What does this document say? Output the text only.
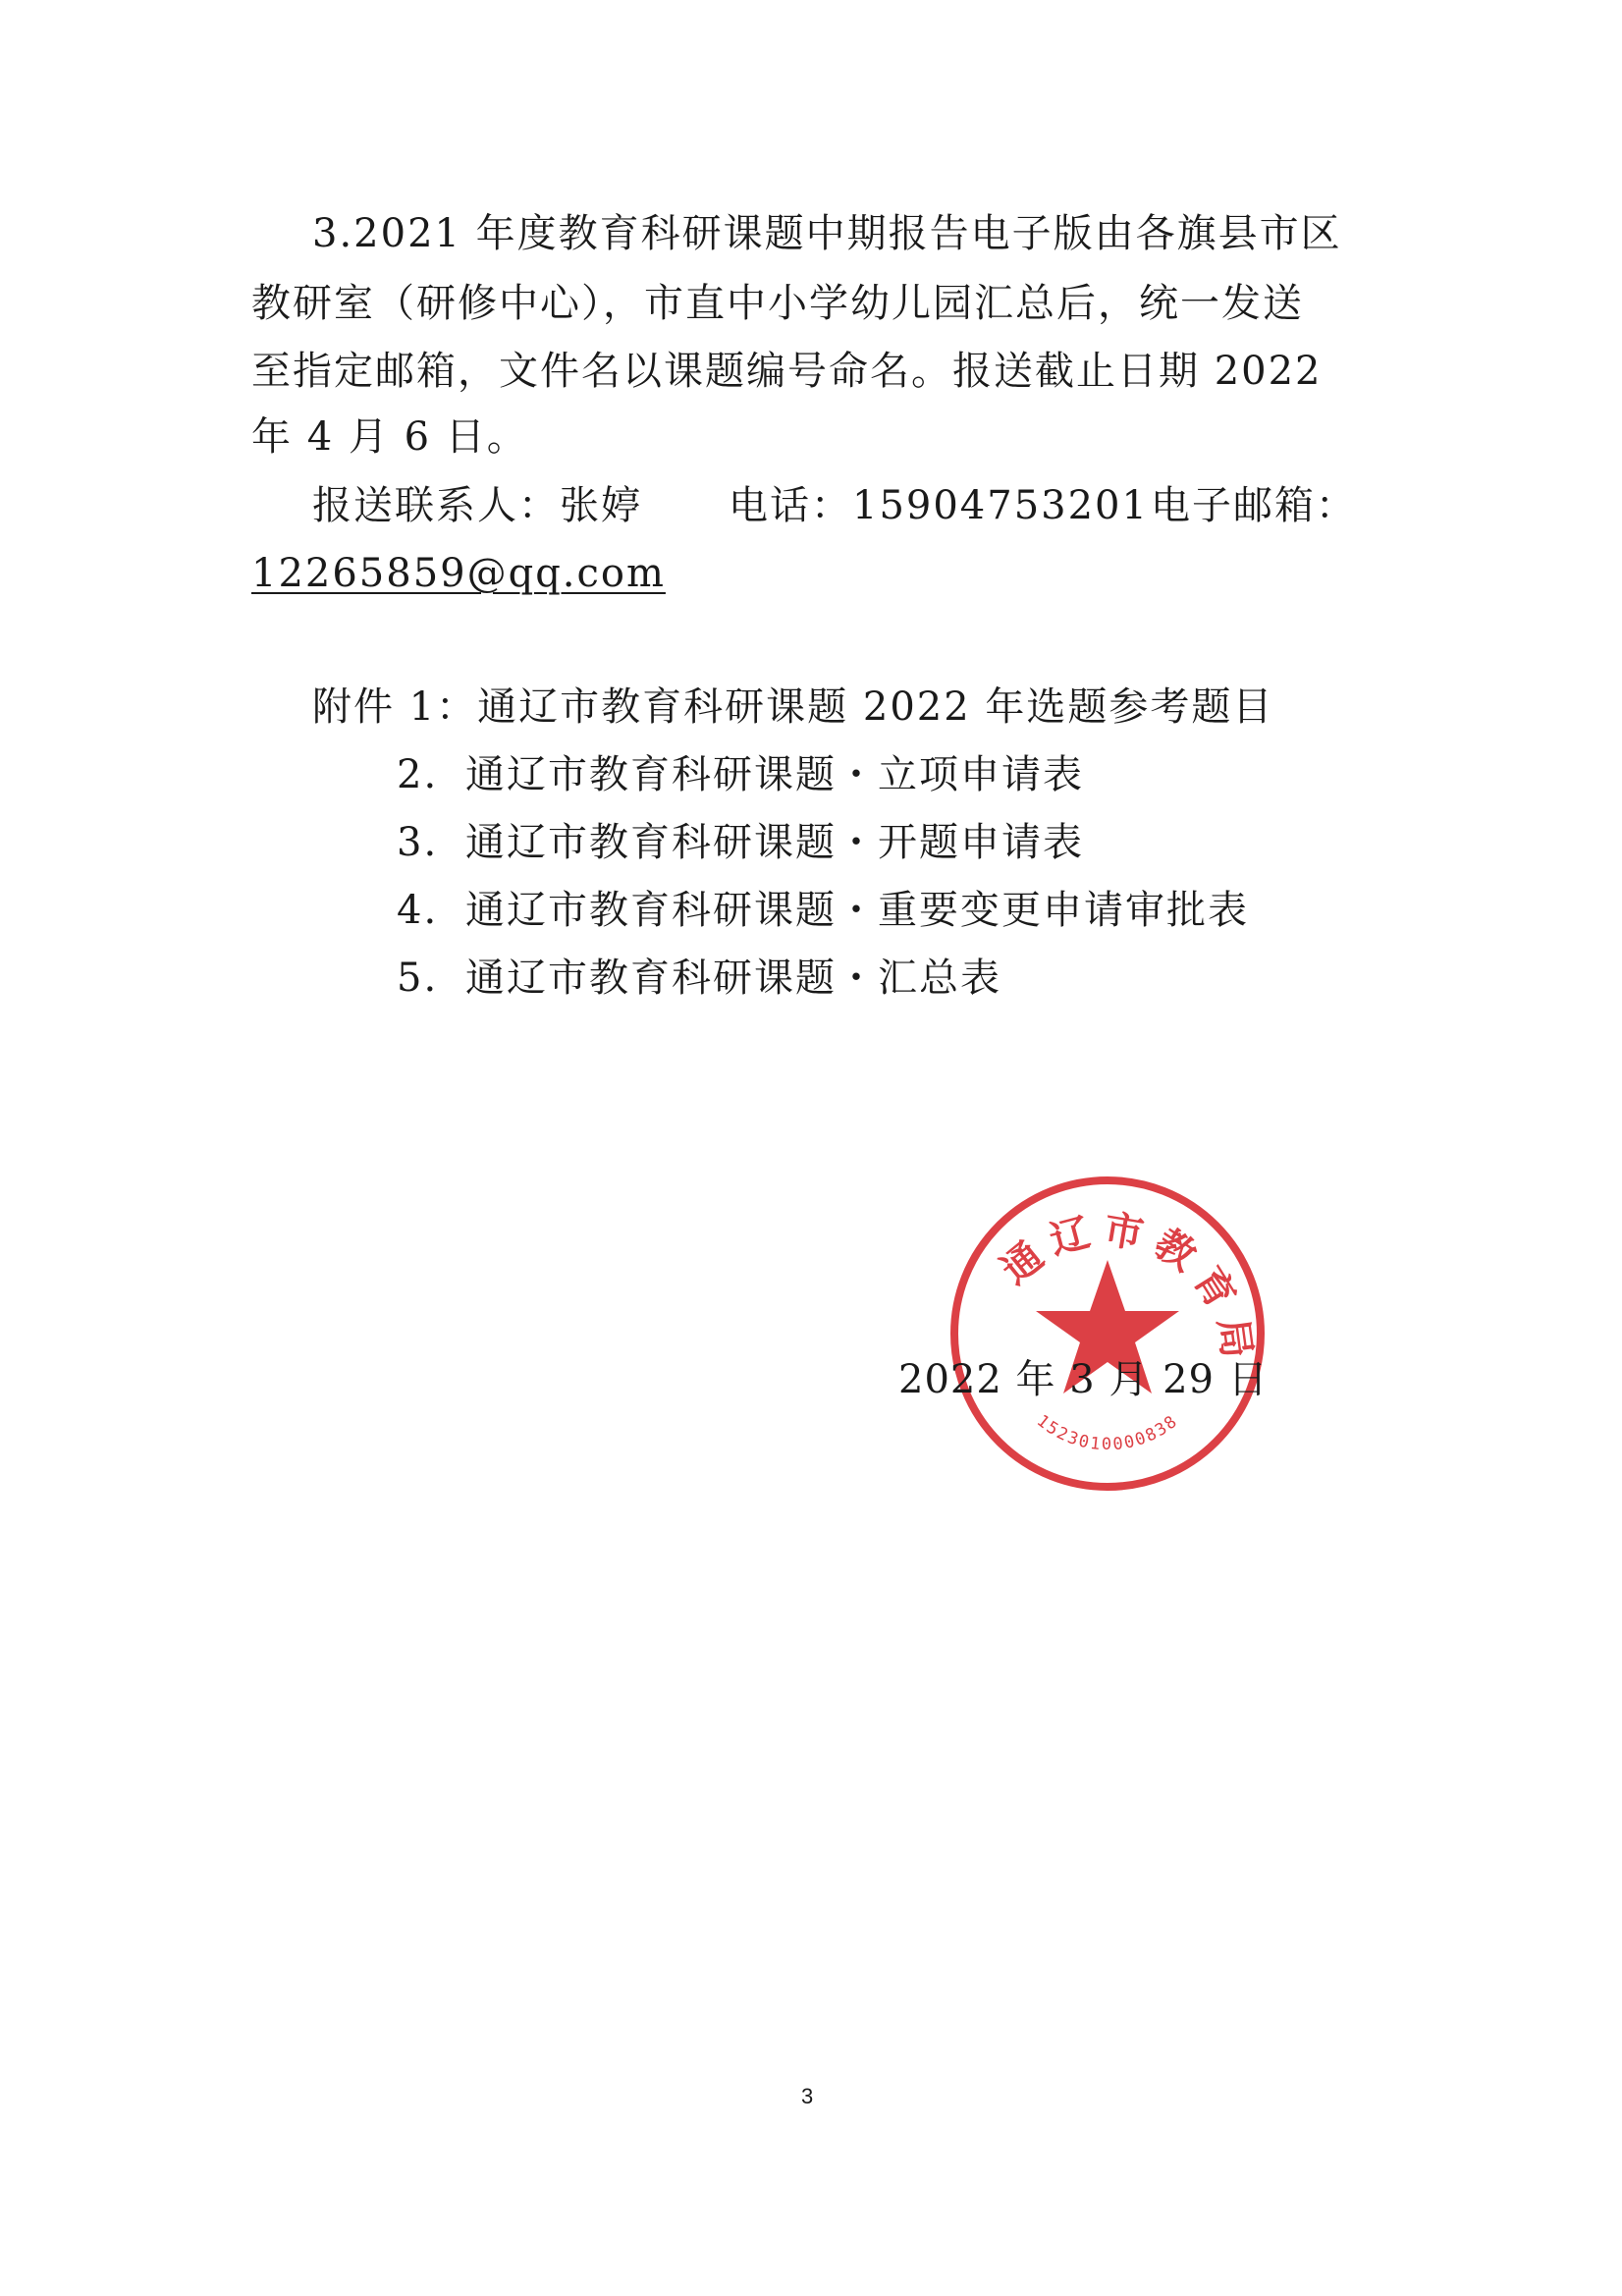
3.2021 年度教育科研课题中期报告电子版由各旗县市区
教研室（研修中心），市直中小学幼儿园汇总后，统一发送
至指定邮箱，文件名以课题编号命名。报送截止日期 2022
年 4 月 6 日。
报送联系人：张婷 电话：15904753201 电子邮箱：
12265859@qq.com
附件 1：通辽市教育科研课题 2022 年选题参考题目
2. 通辽市教育科研课题・立项申请表
3. 通辽市教育科研课题・开题申请表
4. 通辽市教育科研课题・重要变更申请审批表
5. 通辽市教育科研课题・汇总表
通辽市教育局
1523010000838
2022 年 3 月 29 日
3
